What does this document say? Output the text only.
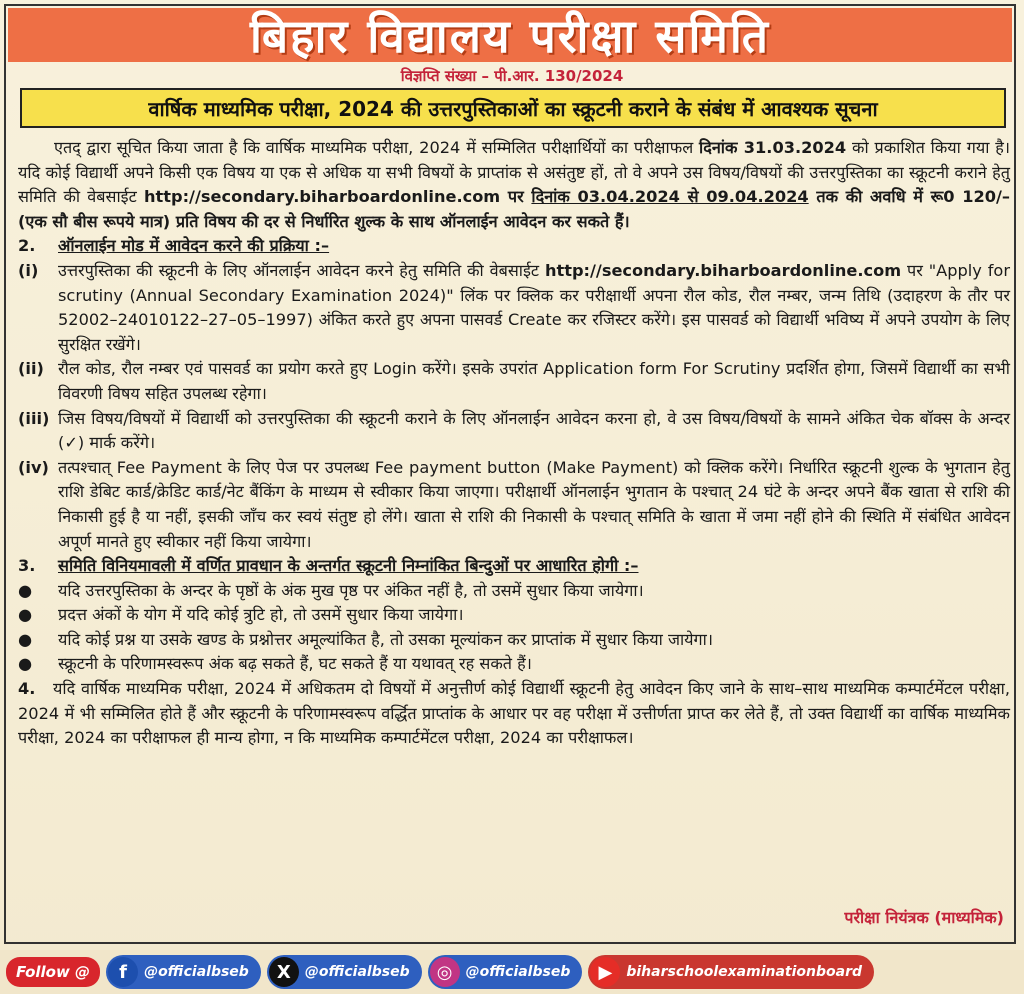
बिहार विद्यालय परीक्षा समिति
विज्ञप्ति संख्या – पी.आर. 130/2024
वार्षिक माध्यमिक परीक्षा, 2024 की उत्तरपुस्तिकाओं का स्क्रूटनी कराने के संबंध में आवश्यक सूचना

एतद् द्वारा सूचित किया जाता है कि वार्षिक माध्यमिक परीक्षा, 2024 में सम्मिलित परीक्षार्थियों का परीक्षाफल दिनांक 31.03.2024 को प्रकाशित किया गया है। यदि कोई विद्यार्थी अपने किसी एक विषय या एक से अधिक या सभी विषयों के प्राप्तांक से असंतुष्ट हों, तो वे अपने उस विषय/विषयों की उत्तरपुस्तिका का स्क्रूटनी कराने हेतु समिति की वेबसाईट http://secondary.biharboardonline.com पर दिनांक 03.04.2024 से 09.04.2024 तक की अवधि में रू0 120/– (एक सौ बीस रूपये मात्र) प्रति विषय की दर से निर्धारित शुल्क के साथ ऑनलाईन आवेदन कर सकते हैं।

2.	ऑनलाईन मोड में आवेदन करने की प्रक्रिया :–
(i)	उत्तरपुस्तिका की स्क्रूटनी के लिए ऑनलाईन आवेदन करने हेतु समिति की वेबसाईट http://secondary.biharboardonline.com पर "Apply for scrutiny (Annual Secondary Examination 2024)" लिंक पर क्लिक कर परीक्षार्थी अपना रौल कोड, रौल नम्बर, जन्म तिथि (उदाहरण के तौर पर 52002–24010122–27–05–1997) अंकित करते हुए अपना पासवर्ड Create कर रजिस्टर करेंगे। इस पासवर्ड को विद्यार्थी भविष्य में अपने उपयोग के लिए सुरक्षित रखेंगे।
(ii) रौल कोड, रौल नम्बर एवं पासवर्ड का प्रयोग करते हुए Login करेंगे। इसके उपरांत Application form For Scrutiny प्रदर्शित होगा, जिसमें विद्यार्थी का सभी विवरणी विषय सहित उपलब्ध रहेगा।
(iii) जिस विषय/विषयों में विद्यार्थी को उत्तरपुस्तिका की स्क्रूटनी कराने के लिए ऑनलाईन आवेदन करना हो, वे उस विषय/विषयों के सामने अंकित चेक बॉक्स के अन्दर (✓) मार्क करेंगे।
(iv) तत्पश्चात् Fee Payment के लिए पेज पर उपलब्ध Fee payment button (Make Payment) को क्लिक करेंगे। निर्धारित स्क्रूटनी शुल्क के भुगतान हेतु राशि डेबिट कार्ड/क्रेडिट कार्ड/नेट बैंकिंग के माध्यम से स्वीकार किया जाएगा। परीक्षार्थी ऑनलाईन भुगतान के पश्चात् 24 घंटे के अन्दर अपने बैंक खाता से राशि की निकासी हुई है या नहीं, इसकी जाँच कर स्वयं संतुष्ट हो लेंगे। खाता से राशि की निकासी के पश्चात् समिति के खाता में जमा नहीं होने की स्थिति में संबंधित आवेदन अपूर्ण मानते हुए स्वीकार नहीं किया जायेगा।
3.	समिति विनियमावली में वर्णित प्रावधान के अन्तर्गत स्क्रूटनी निम्नांकित बिन्दुओं पर आधारित होगी :–
●	यदि उत्तरपुस्तिका के अन्दर के पृष्ठों के अंक मुख पृष्ठ पर अंकित नहीं है, तो उसमें सुधार किया जायेगा।
●	प्रदत्त अंकों के योग में यदि कोई त्रुटि हो, तो उसमें सुधार किया जायेगा।
●	यदि कोई प्रश्न या उसके खण्ड के प्रश्नोत्तर अमूल्यांकित है, तो उसका मूल्यांकन कर प्राप्तांक में सुधार किया जायेगा।
●	स्क्रूटनी के परिणामस्वरूप अंक बढ़ सकते हैं, घट सकते हैं या यथावत् रह सकते हैं।

4. यदि वार्षिक माध्यमिक परीक्षा, 2024 में अधिकतम दो विषयों में अनुत्तीर्ण कोई विद्यार्थी स्क्रूटनी हेतु आवेदन किए जाने के साथ–साथ माध्यमिक कम्पार्टमेंटल परीक्षा, 2024 में भी सम्मिलित होते हैं और स्क्रूटनी के परिणामस्वरूप वर्द्धित प्राप्तांक के आधार पर वह परीक्षा में उत्तीर्णता प्राप्त कर लेते हैं, तो उक्त विद्यार्थी का वार्षिक माध्यमिक परीक्षा, 2024 का परीक्षाफल ही मान्य होगा, न कि माध्यमिक कम्पार्टमेंटल परीक्षा, 2024 का परीक्षाफल।

परीक्षा नियंत्रक (माध्यमिक)
Follow @	f	@officialbseb	X	@officialbseb	◎ @officialbseb	▶	biharschoolexaminationboard
